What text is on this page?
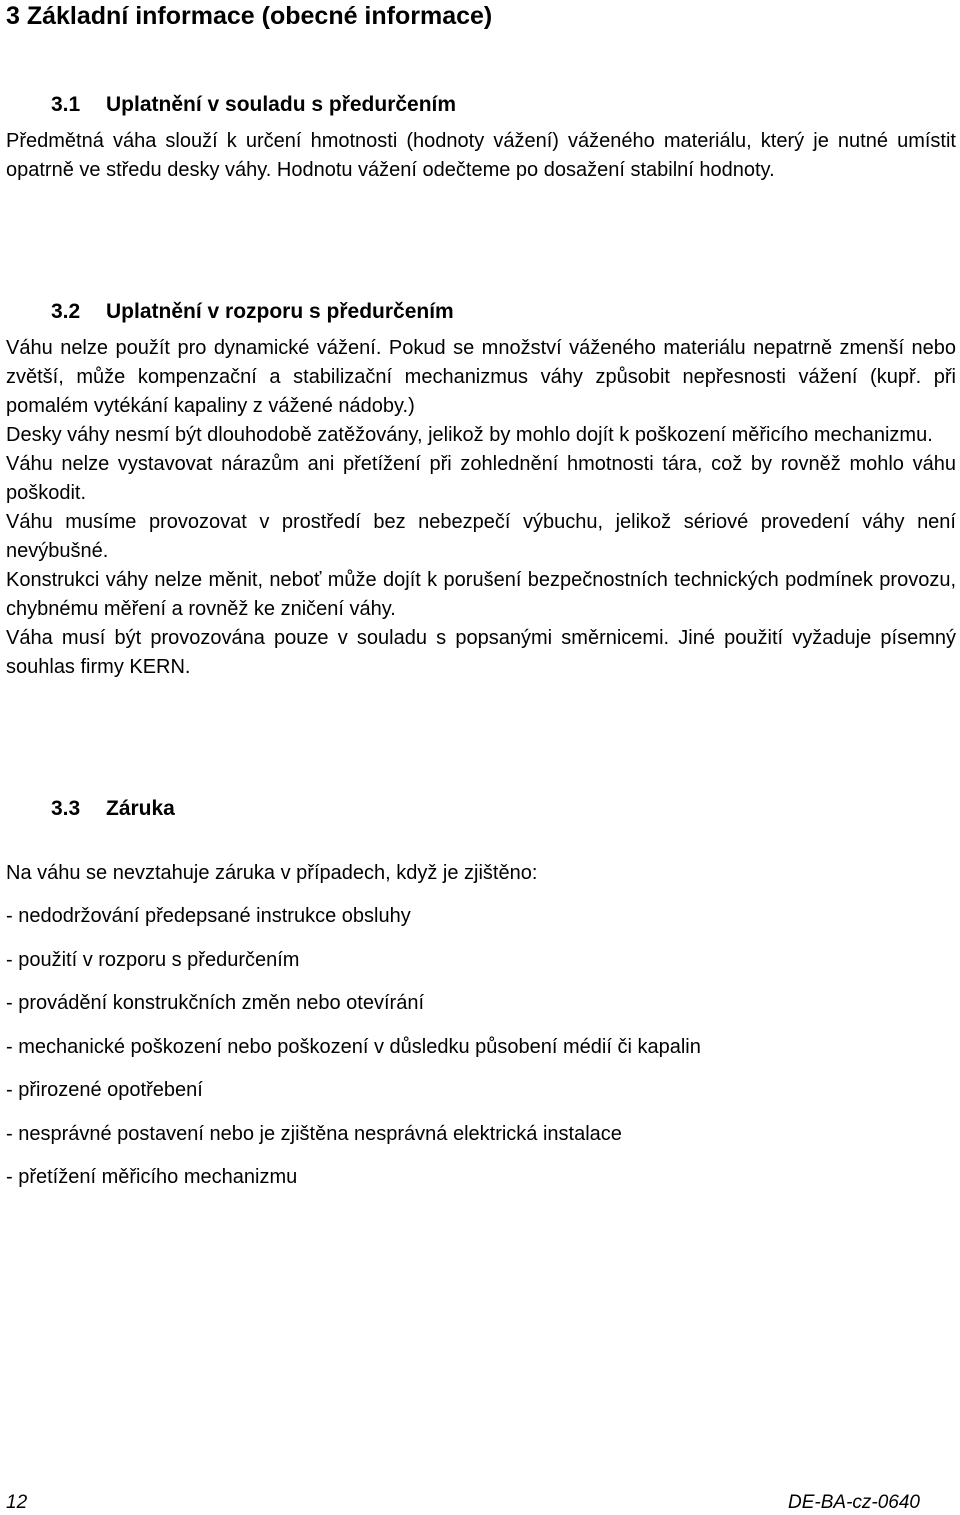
3 Základní informace (obecné informace)
3.1 Uplatnění v souladu s předurčením

Předmětná váha slouží k určení hmotnosti (hodnoty vážení) váženého materiálu, který je nutné umístit opatrně ve středu desky váhy. Hodnotu vážení odečteme po dosažení stabilní hodnoty.

3.2 Uplatnění v rozporu s předurčením

Váhu nelze použít pro dynamické vážení. Pokud se množství váženého materiálu nepatrně zmenší nebo zvětší, může kompenzační a stabilizační mechanizmus váhy způsobit nepřesnosti vážení (kupř. při pomalém vytékání kapaliny z vážené nádoby.)

Desky váhy nesmí být dlouhodobě zatěžovány, jelikož by mohlo dojít k poškození měřicího mechanizmu.

Váhu nelze vystavovat nárazům ani přetížení při zohlednění hmotnosti tára, což by rovněž mohlo váhu poškodit.

Váhu musíme provozovat v prostředí bez nebezpečí výbuchu, jelikož sériové provedení váhy není nevýbušné.

Konstrukci váhy nelze měnit, neboť může dojít k porušení bezpečnostních technických podmínek provozu, chybnému měření a rovněž ke zničení váhy.

Váha musí být provozována pouze v souladu s popsanými směrnicemi. Jiné použití vyžaduje písemný souhlas firmy KERN.

3.3 Záruka

Na váhu se nevztahuje záruka v případech, když je zjištěno:

- nedodržování předepsané instrukce obsluhy
- použití v rozporu s předurčením
- provádění konstrukčních změn nebo otevírání
- mechanické poškození nebo poškození v důsledku působení médií či kapalin
- přirozené opotřebení
- nesprávné postavení nebo je zjištěna nesprávná elektrická instalace
- přetížení měřicího mechanizmu
12	DE-BA-cz-0640
